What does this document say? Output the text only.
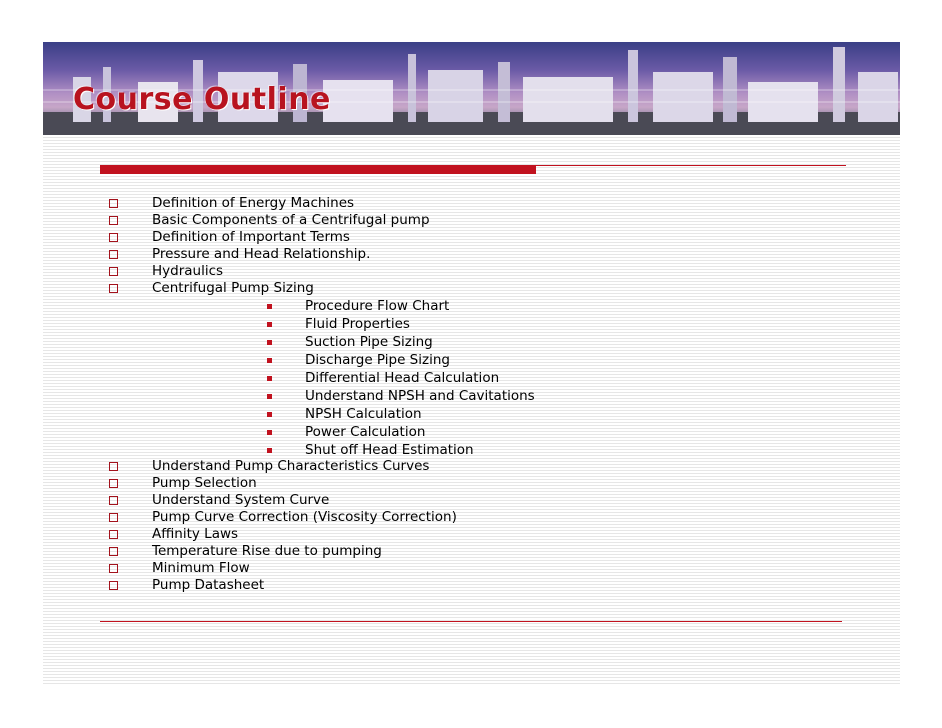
Course Outline
Definition of Energy Machines
Basic Components of a Centrifugal pump
Definition of Important Terms
Pressure and Head Relationship.
Hydraulics
Centrifugal Pump Sizing
Procedure Flow Chart
Fluid Properties
Suction Pipe Sizing
Discharge Pipe Sizing
Differential Head Calculation
Understand NPSH and Cavitations
NPSH Calculation
Power Calculation
Shut off Head Estimation
Understand Pump Characteristics Curves
Pump Selection
Understand System Curve
Pump Curve Correction (Viscosity Correction)
Affinity Laws
Temperature Rise due to pumping
Minimum Flow
Pump Datasheet
